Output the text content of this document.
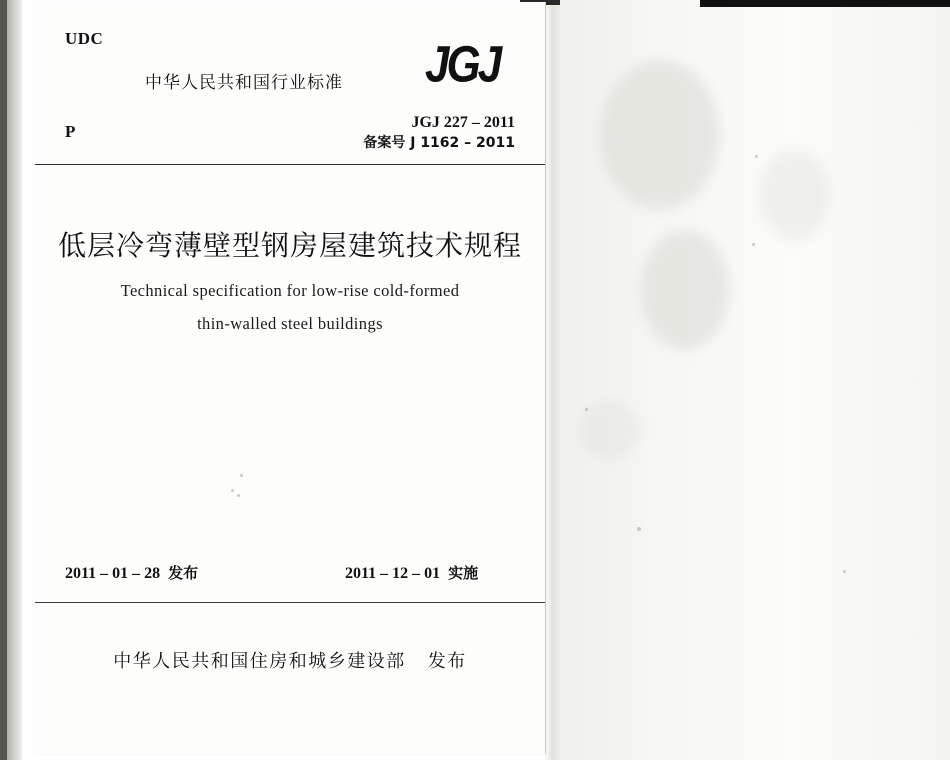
UDC
P
中华人民共和国行业标准 JGJ
JGJ 227 – 2011
备案号 J 1162 – 2011
低层冷弯薄壁型钢房屋建筑技术规程
Technical specification for low-rise cold-formed
thin-walled steel buildings
2011 – 01 – 28 发布	2011 – 12 – 01 实施
中华人民共和国住房和城乡建设部 发布
